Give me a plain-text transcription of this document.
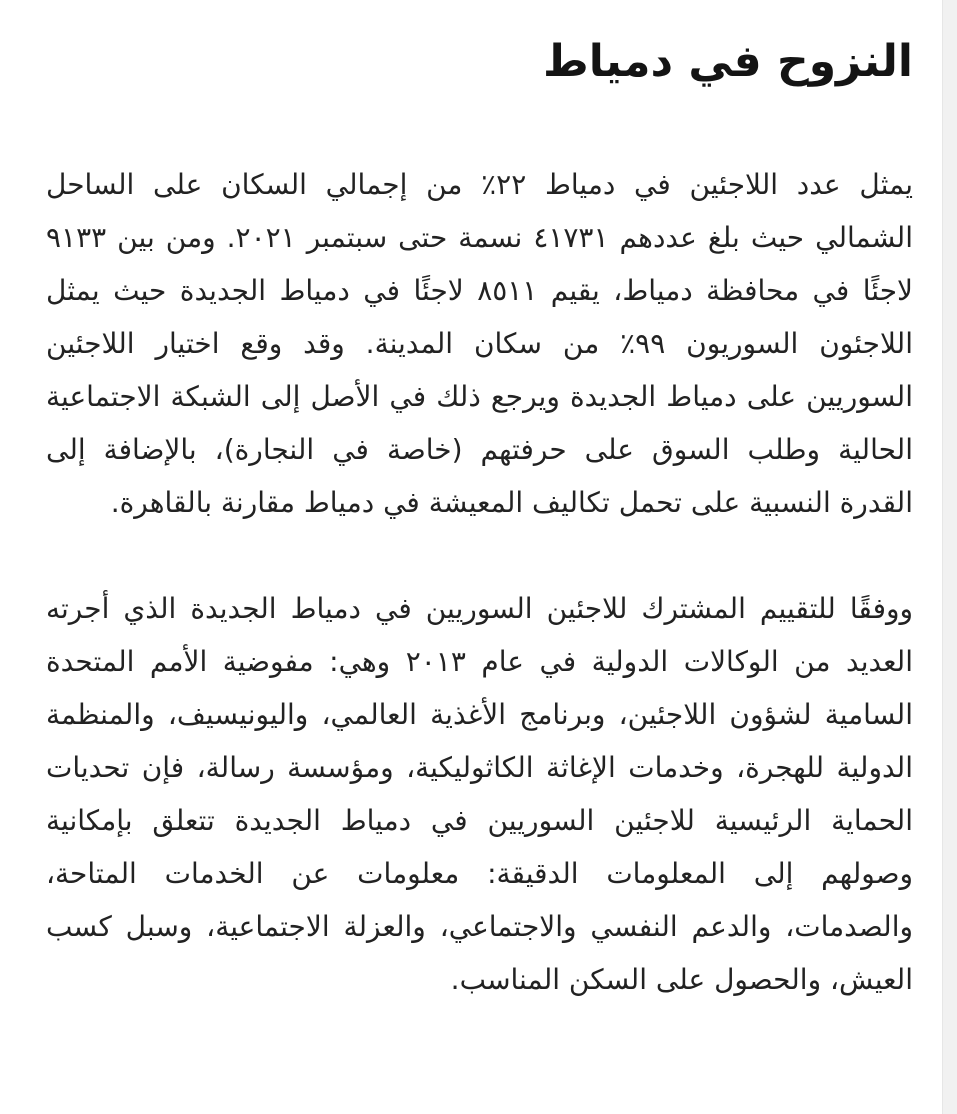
النزوح في دمياط

يمثل عدد اللاجئين في دمياط ٢٢٪ من إجمالي السكان على الساحل الشمالي حيث بلغ عددهم ٤١٧٣١ نسمة حتى سبتمبر ٢٠٢١. ومن بين ٩١٣٣ لاجئًا في محافظة دمياط، يقيم ٨٥١١ لاجئًا في دمياط الجديدة حيث يمثل اللاجئون السوريون ٩٩٪ من سكان المدينة. وقد وقع اختيار اللاجئين السوريين على دمياط الجديدة ويرجع ذلك في الأصل إلى الشبكة الاجتماعية الحالية وطلب السوق على حرفتهم (خاصة في النجارة)، بالإضافة إلى القدرة النسبية على تحمل تكاليف المعيشة في دمياط مقارنة بالقاهرة.

ووفقًا للتقييم المشترك للاجئين السوريين في دمياط الجديدة الذي أجرته العديد من الوكالات الدولية في عام ٢٠١٣ وهي: مفوضية الأمم المتحدة السامية لشؤون اللاجئين، وبرنامج الأغذية العالمي، واليونيسيف، والمنظمة الدولية للهجرة، وخدمات الإغاثة الكاثوليكية، ومؤسسة رسالة، فإن تحديات الحماية الرئيسية للاجئين السوريين في دمياط الجديدة تتعلق بإمكانية وصولهم إلى المعلومات الدقيقة: معلومات عن الخدمات المتاحة، والصدمات، والدعم النفسي والاجتماعي، والعزلة الاجتماعية، وسبل كسب العيش، والحصول على السكن المناسب.
